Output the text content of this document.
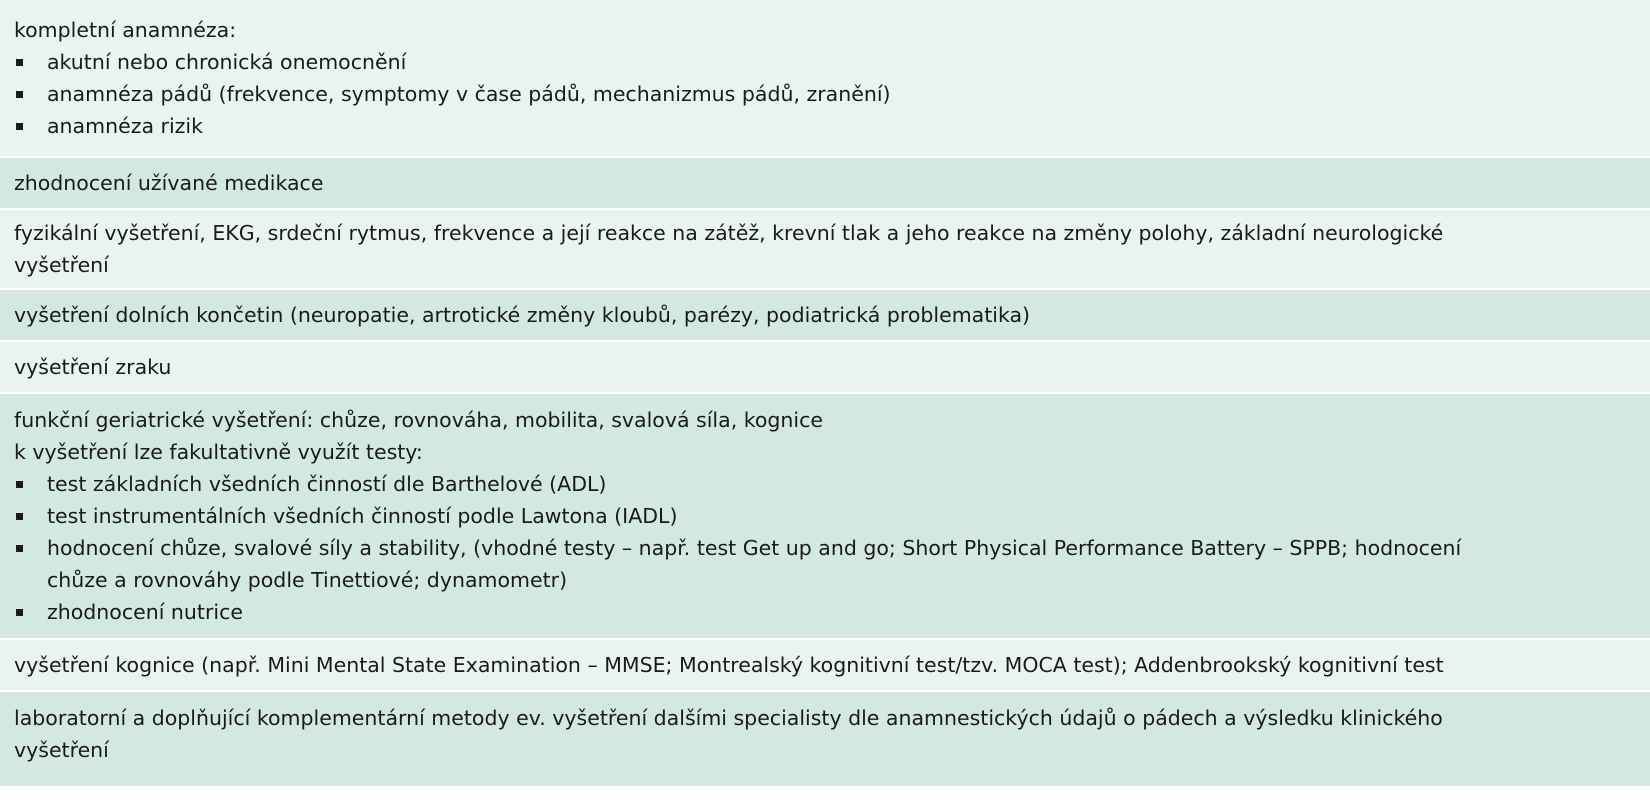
kompletní anamnéza:
akutní nebo chronická onemocnění
anamnéza pádů (frekvence, symptomy v čase pádů, mechanizmus pádů, zranění)
anamnéza rizik
zhodnocení užívané medikace
fyzikální vyšetření, EKG, srdeční rytmus, frekvence a její reakce na zátěž, krevní tlak a jeho reakce na změny polohy, základní neurologické
vyšetření
vyšetření dolních končetin (neuropatie, artrotické změny kloubů, parézy, podiatrická problematika)
vyšetření zraku
funkční geriatrické vyšetření: chůze, rovnováha, mobilita, svalová síla, kognice
k vyšetření lze fakultativně využít testy:
test základních všedních činností dle Barthelové (ADL)
test instrumentálních všedních činností podle Lawtona (IADL)
hodnocení chůze, svalové síly a stability, (vhodné testy – např. test Get up and go; Short Physical Performance Battery – SPPB; hodnocení
chůze a rovnováhy podle Tinettiové; dynamometr)
zhodnocení nutrice
vyšetření kognice (např. Mini Mental State Examination – MMSE; Montrealský kognitivní test/tzv. MOCA test); Addenbrookský kognitivní test
laboratorní a doplňující komplementární metody ev. vyšetření dalšími specialisty dle anamnestických údajů o pádech a výsledku klinického
vyšetření
